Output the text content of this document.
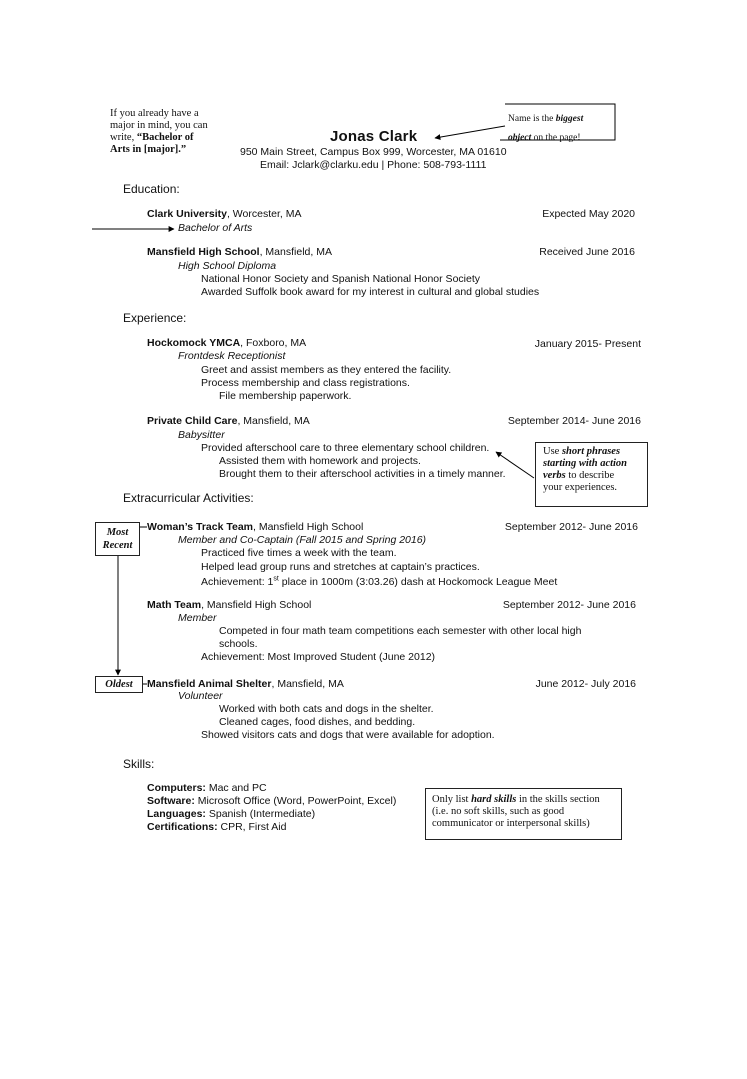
If you already have a
major in mind, you can
write, “Bachelor of
Arts in [major].”
Name is the biggest
object on the page!
Jonas Clark
950 Main Street, Campus Box 999, Worcester, MA 01610
Email: Jclark@clarku.edu | Phone: 508-793-1111
Education:
Clark University, Worcester, MA	Expected May 2020
Bachelor of Arts
Mansfield High School, Mansfield, MA	Received June 2016
High School Diploma
National Honor Society and Spanish National Honor Society
Awarded Suffolk book award for my interest in cultural and global studies
Experience:
Hockomock YMCA, Foxboro, MA	January 2015- Present
Frontdesk Receptionist
Greet and assist members as they entered the facility.
Process membership and class registrations.
File membership paperwork.
Private Child Care, Mansfield, MA	September 2014- June 2016
Babysitter
Provided afterschool care to three elementary school children.
Assisted them with homework and projects.
Brought them to their afterschool activities in a timely manner.
Use short phrases
starting with action
verbs to describe
your experiences.
Extracurricular Activities:
Woman’s Track Team, Mansfield High School	September 2012- June 2016
Member and Co-Captain (Fall 2015 and Spring 2016)
Practiced five times a week with the team.
Helped lead group runs and stretches at captain’s practices.
Achievement: 1st place in 1000m (3:03.26) dash at Hockomock League Meet
Math Team, Mansfield High School	September 2012- June 2016
Member
Competed in four math team competitions each semester with other local high
schools.
Achievement: Most Improved Student (June 2012)
Mansfield Animal Shelter, Mansfield, MA	June 2012- July 2016
Volunteer
Worked with both cats and dogs in the shelter.
Cleaned cages, food dishes, and bedding.
Showed visitors cats and dogs that were available for adoption.
Most
Recent
Oldest
Skills:
Computers: Mac and PC
Software: Microsoft Office (Word, PowerPoint, Excel)
Languages: Spanish (Intermediate)
Certifications: CPR, First Aid
Only list hard skills in the skills section
(i.e. no soft skills, such as good
communicator or interpersonal skills)
